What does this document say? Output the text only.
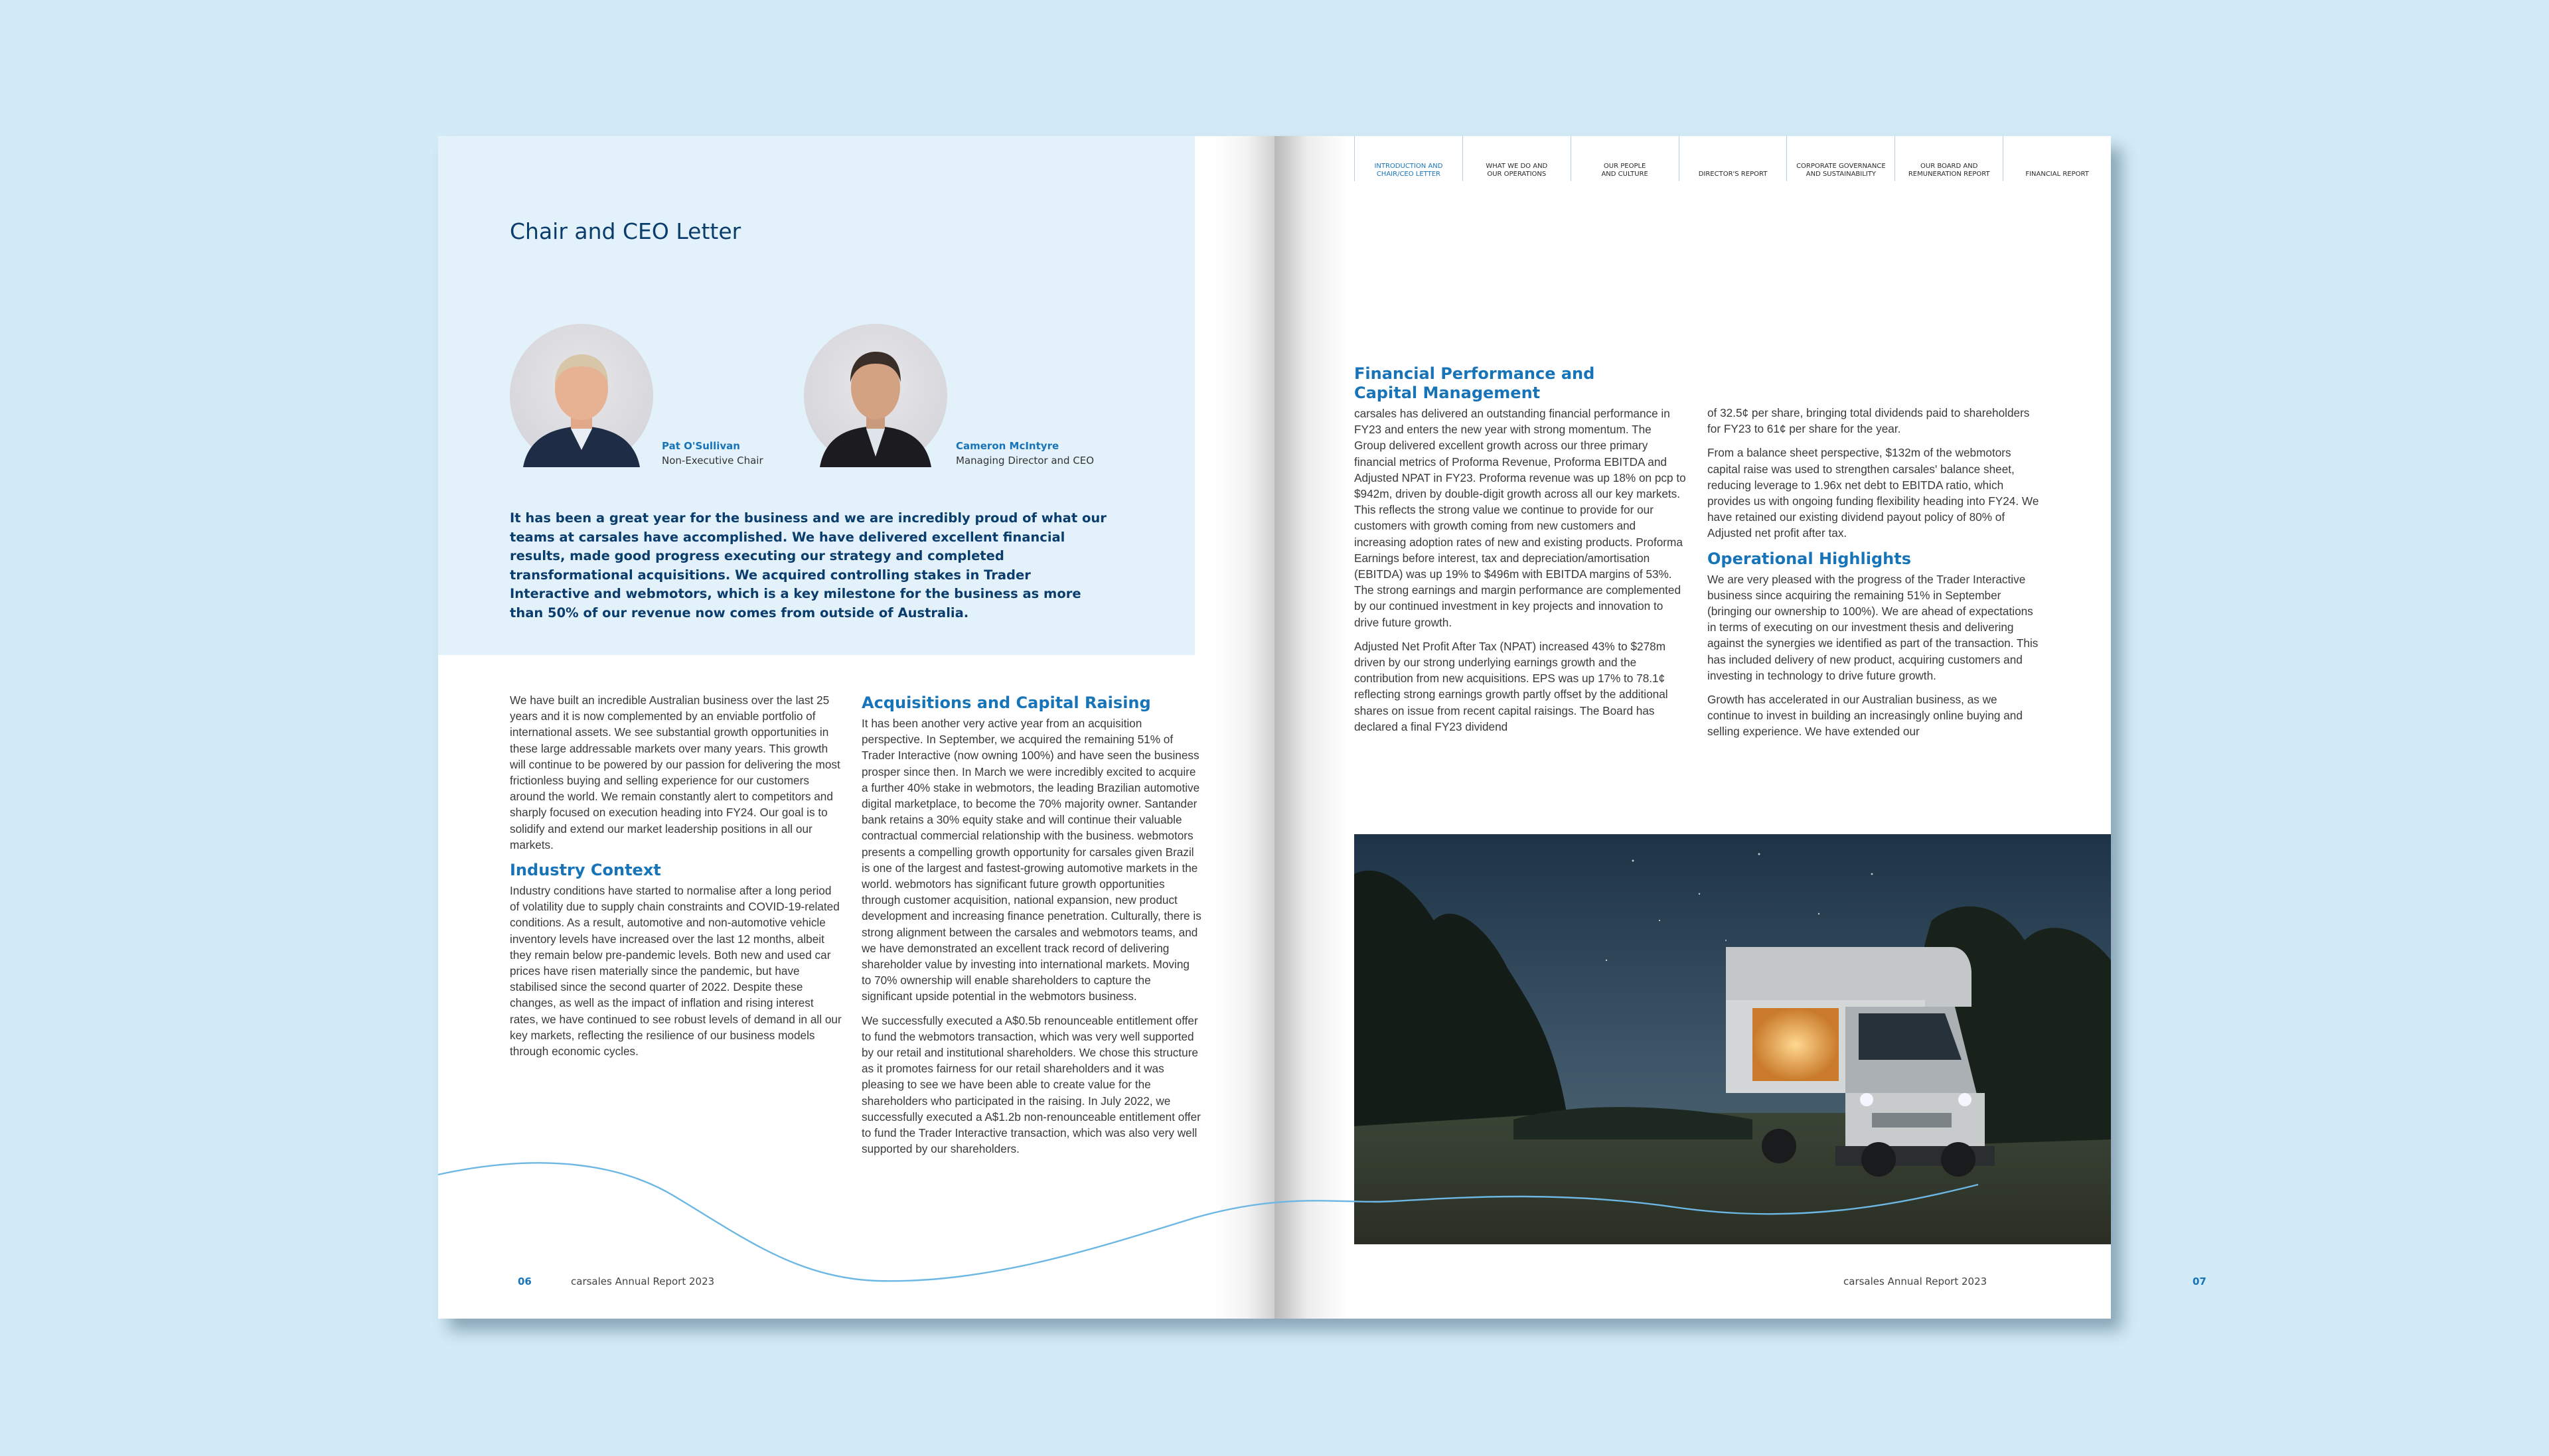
Chair and CEO Letter
Pat O'Sullivan
Non-Executive Chair
Cameron McIntyre
Managing Director and CEO

It has been a great year for the business and we are incredibly proud of what our teams at carsales have accomplished. We have delivered excellent financial results, made good progress executing our strategy and completed transformational acquisitions. We acquired controlling stakes in Trader Interactive and webmotors, which is a key milestone for the business as more than 50% of our revenue now comes from outside of Australia.

We have built an incredible Australian business over the last 25 years and it is now complemented by an enviable portfolio of international assets. We see substantial growth opportunities in these large addressable markets over many years. This growth will continue to be powered by our passion for delivering the most frictionless buying and selling experience for our customers around the world. We remain constantly alert to competitors and sharply focused on execution heading into FY24. Our goal is to solidify and extend our market leadership positions in all our markets.

Industry Context

Industry conditions have started to normalise after a long period of volatility due to supply chain constraints and COVID-19-related conditions. As a result, automotive and non-automotive vehicle inventory levels have increased over the last 12 months, albeit they remain below pre-pandemic levels. Both new and used car prices have risen materially since the pandemic, but have stabilised since the second quarter of 2022. Despite these changes, as well as the impact of inflation and rising interest rates, we have continued to see robust levels of demand in all our key markets, reflecting the resilience of our business models through economic cycles.

Acquisitions and Capital Raising

It has been another very active year from an acquisition perspective. In September, we acquired the remaining 51% of Trader Interactive (now owning 100%) and have seen the business prosper since then. In March we were incredibly excited to acquire a further 40% stake in webmotors, the leading Brazilian automotive digital marketplace, to become the 70% majority owner. Santander bank retains a 30% equity stake and will continue their valuable contractual commercial relationship with the business. webmotors presents a compelling growth opportunity for carsales given Brazil is one of the largest and fastest-growing automotive markets in the world. webmotors has significant future growth opportunities through customer acquisition, national expansion, new product development and increasing finance penetration. Culturally, there is strong alignment between the carsales and webmotors teams, and we have demonstrated an excellent track record of delivering shareholder value by investing into international markets. Moving to 70% ownership will enable shareholders to capture the significant upside potential in the webmotors business.

We successfully executed a A$0.5b renounceable entitlement offer to fund the webmotors transaction, which was very well supported by our retail and institutional shareholders. We chose this structure as it promotes fairness for our retail shareholders and it was pleasing to see we have been able to create value for the shareholders who participated in the raising. In July 2022, we successfully executed a A$1.2b non-renounceable entitlement offer to fund the Trader Interactive transaction, which was also very well supported by our shareholders.

06	carsales Annual Report 2023
INTRODUCTION AND
CHAIR/CEO LETTER
WHAT WE DO AND
OUR OPERATIONS
OUR PEOPLE
AND CULTURE	DIRECTOR'S REPORT
CORPORATE GOVERNANCE
AND SUSTAINABILITY
OUR BOARD AND
REMUNERATION REPORT	FINANCIAL REPORT
Financial Performance and Capital Management

carsales has delivered an outstanding financial performance in FY23 and enters the new year with strong momentum. The Group delivered excellent growth across our three primary financial metrics of Proforma Revenue, Proforma EBITDA and Adjusted NPAT in FY23. Proforma revenue was up 18% on pcp to $942m, driven by double-digit growth across all our key markets. This reflects the strong value we continue to provide for our customers with growth coming from new customers and increasing adoption rates of new and existing products. Proforma Earnings before interest, tax and depreciation/amortisation (EBITDA) was up 19% to $496m with EBITDA margins of 53%. The strong earnings and margin performance are complemented by our continued investment in key projects and innovation to drive future growth.

Adjusted Net Profit After Tax (NPAT) increased 43% to $278m driven by our strong underlying earnings growth and the contribution from new acquisitions. EPS was up 17% to 78.1¢ reflecting strong earnings growth partly offset by the additional shares on issue from recent capital raisings. The Board has declared a final FY23 dividend

of 32.5¢ per share, bringing total dividends paid to shareholders for FY23 to 61¢ per share for the year.

From a balance sheet perspective, $132m of the webmotors capital raise was used to strengthen carsales' balance sheet, reducing leverage to 1.96x net debt to EBITDA ratio, which provides us with ongoing funding flexibility heading into FY24. We have retained our existing dividend payout policy of 80% of Adjusted net profit after tax.

Operational Highlights

We are very pleased with the progress of the Trader Interactive business since acquiring the remaining 51% in September (bringing our ownership to 100%). We are ahead of expectations in terms of executing on our investment thesis and delivering against the synergies we identified as part of the transaction. This has included delivery of new product, acquiring customers and investing in technology to drive future growth.

Growth has accelerated in our Australian business, as we continue to invest in building an increasingly online buying and selling experience. We have extended our

carsales Annual Report 2023	07
